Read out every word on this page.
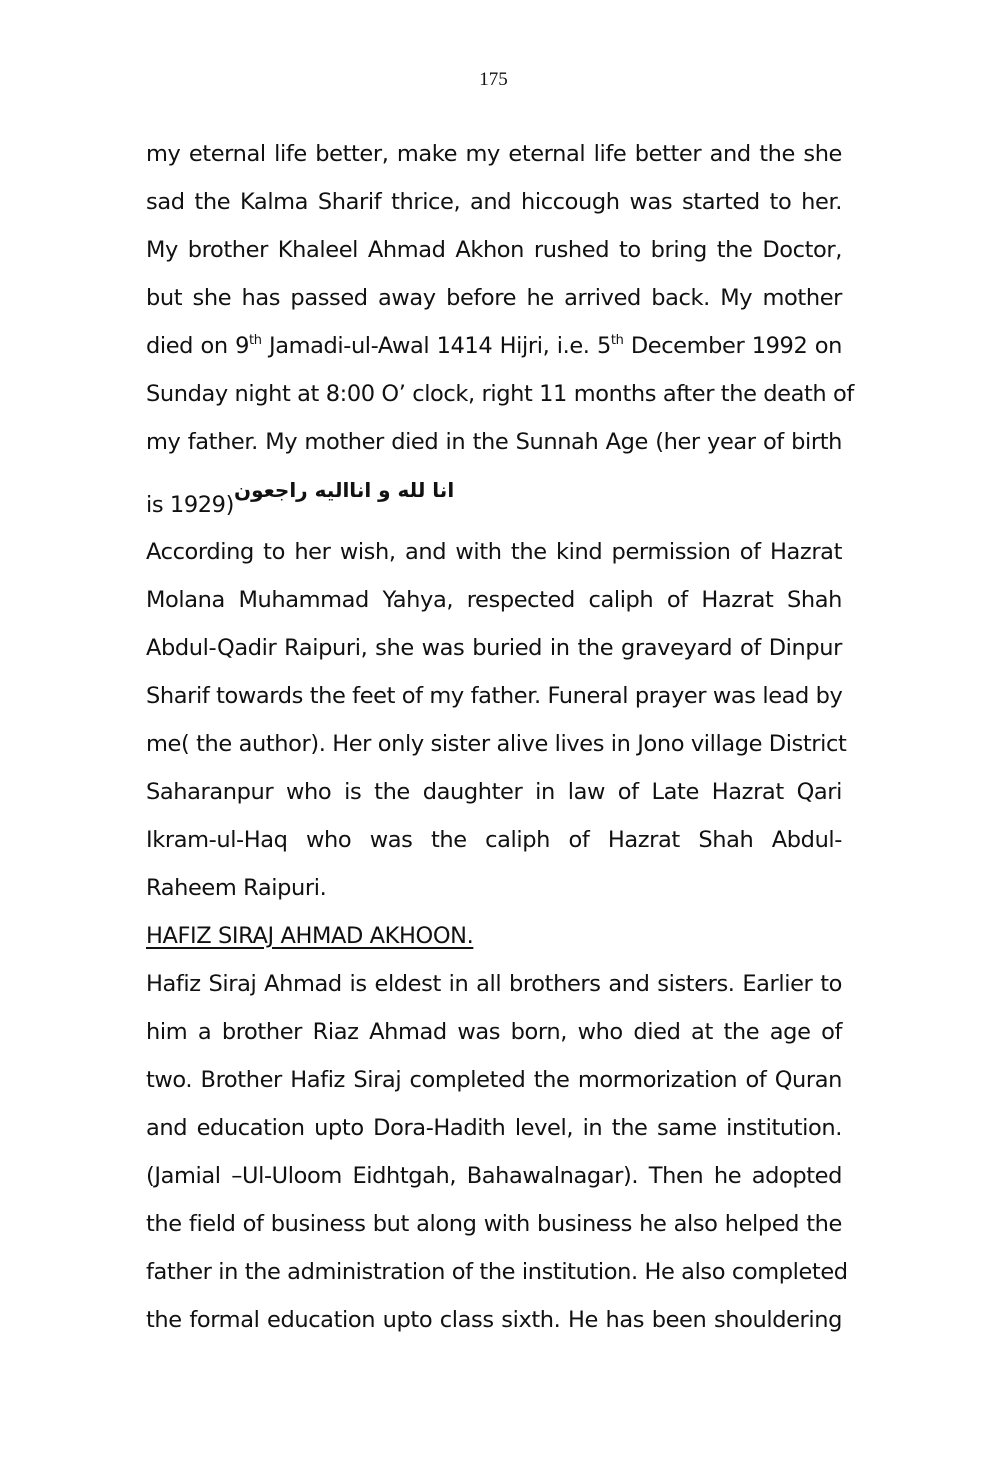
175
my eternal life better, make my eternal life better and the she
sad the Kalma Sharif thrice, and hiccough was started to her.
My brother Khaleel Ahmad Akhon rushed to bring the Doctor,
but she has passed away before he arrived back. My mother
died on 9th Jamadi-ul-Awal 1414 Hijri, i.e. 5th December 1992 on
Sunday night at 8:00 O’ clock, right 11 months after the death of
my father. My mother died in the Sunnah Age (her year of birth
is 1929)
انا لله و انااليه راجعون
According to her wish, and with the kind permission of Hazrat
Molana Muhammad Yahya, respected caliph of Hazrat Shah
Abdul-Qadir Raipuri, she was buried in the graveyard of Dinpur
Sharif towards the feet of my father. Funeral prayer was lead by
me( the author). Her only sister alive lives in Jono village District
Saharanpur who is the daughter in law of Late Hazrat Qari
Ikram-ul-Haq who was the caliph of Hazrat Shah Abdul-
Raheem Raipuri.
HAFIZ SIRAJ AHMAD AKHOON.
Hafiz Siraj Ahmad is eldest in all brothers and sisters. Earlier to
him a brother Riaz Ahmad was born, who died at the age of
two. Brother Hafiz Siraj completed the mormorization of Quran
and education upto Dora-Hadith level, in the same institution.
(Jamial –Ul-Uloom Eidhtgah, Bahawalnagar). Then he adopted
the field of business but along with business he also helped the
father in the administration of the institution. He also completed
the formal education upto class sixth. He has been shouldering
